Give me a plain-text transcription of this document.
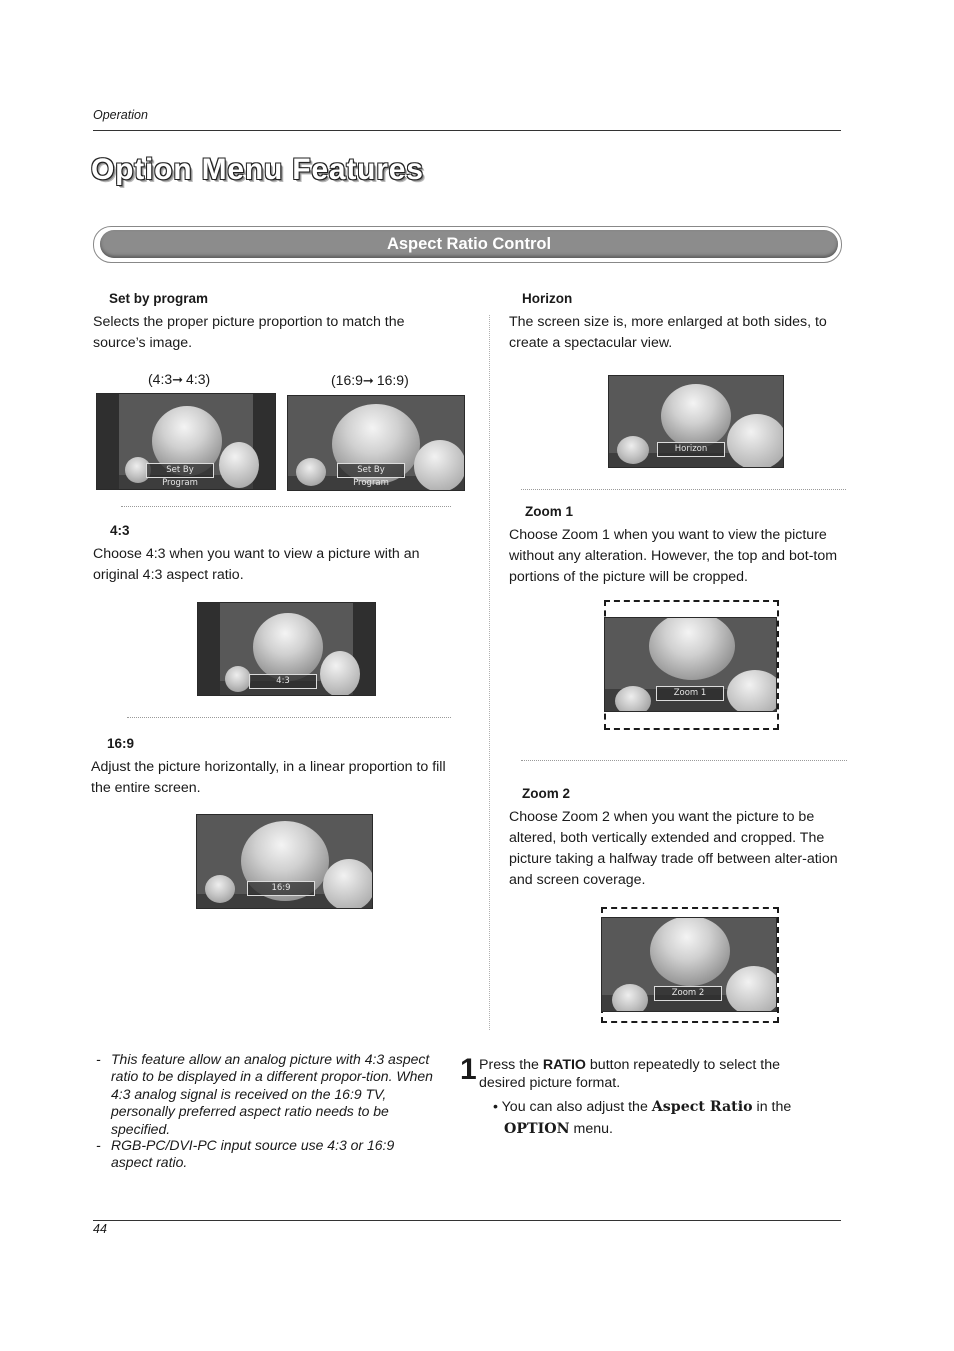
Operation
Option Menu Features
Aspect Ratio Control
Set by program
Selects the proper picture proportion to match the source’s image.
(4:3➞ 4:3)	(16:9➞ 16:9)
Set By Program
Set By Program
4:3
Choose 4:3 when you want to view a picture with an original 4:3 aspect ratio.
4:3
16:9
Adjust the picture horizontally, in a linear proportion to fill the entire screen.
16:9
Horizon
The screen size is, more enlarged at both sides, to create a spectacular view.
Horizon
Zoom 1
Choose Zoom 1 when you want to view the picture without any alteration. However, the top and bot-tom portions of the picture will be cropped.
Zoom 1
Zoom 2
Choose Zoom 2 when you want the picture to be altered, both vertically extended and cropped. The picture taking a halfway trade off between alter-ation and screen coverage.
Zoom 2
- This feature allow an analog picture with 4:3 aspect ratio to be displayed in a different propor-tion. When 4:3 analog signal is received on the 16:9 TV, personally preferred aspect ratio needs to be specified.
- RGB-PC/DVI-PC input source use 4:3 or 16:9 aspect ratio.
1 Press the RATIO button repeatedly to select the desired picture format.
• You can also adjust the Aspect Ratio in the
OPTION menu.
44
